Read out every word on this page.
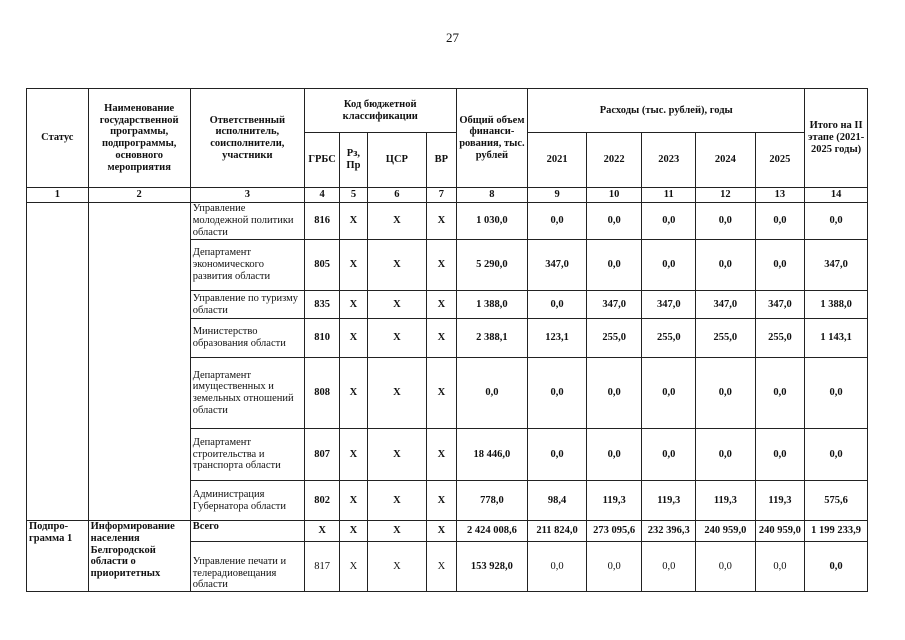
27
Статус	Наименование государственной программы, подпрограммы, основного мероприятия	Ответственный исполнитель, соисполнители, участники	Код бюджетной классификации				Общий объем финанси-рования, тыс. рублей	Расходы (тыс. рублей), годы					Итого на II этапе (2021-2025 годы)
			ГРБС	Рз, Пр	ЦСР	ВР		2021	2022	2023	2024	2025	
1	2	3	4	5	6	7	8	9	10	11	12	13	14
		Управление молодежной политики области	816	Х	Х	Х	1 030,0	0,0	0,0	0,0	0,0	0,0	0,0
		Департамент экономического развития области	805	Х	Х	Х	5 290,0	347,0	0,0	0,0	0,0	0,0	347,0
		Управление по туризму области	835	Х	Х	Х	1 388,0	0,0	347,0	347,0	347,0	347,0	1 388,0
		Министерство образования области	810	Х	Х	Х	2 388,1	123,1	255,0	255,0	255,0	255,0	1 143,1
		Департамент имущественных и земельных отношений области	808	Х	Х	Х	0,0	0,0	0,0	0,0	0,0	0,0	0,0
		Департамент строительства и транспорта области	807	Х	Х	Х	18 446,0	0,0	0,0	0,0	0,0	0,0	0,0
		Администрация Губернатора области	802	Х	Х	Х	778,0	98,4	119,3	119,3	119,3	119,3	575,6
Подпро-грамма 1	Информирование населения Белгородской области о приоритетных	Всего	Х	Х	Х	Х	2 424 008,6	211 824,0	273 095,6	232 396,3	240 959,0	240 959,0	1 199 233,9
		Управление печати и телерадиовещания области	817	Х	Х	Х	153 928,0	0,0	0,0	0,0	0,0	0,0	0,0
